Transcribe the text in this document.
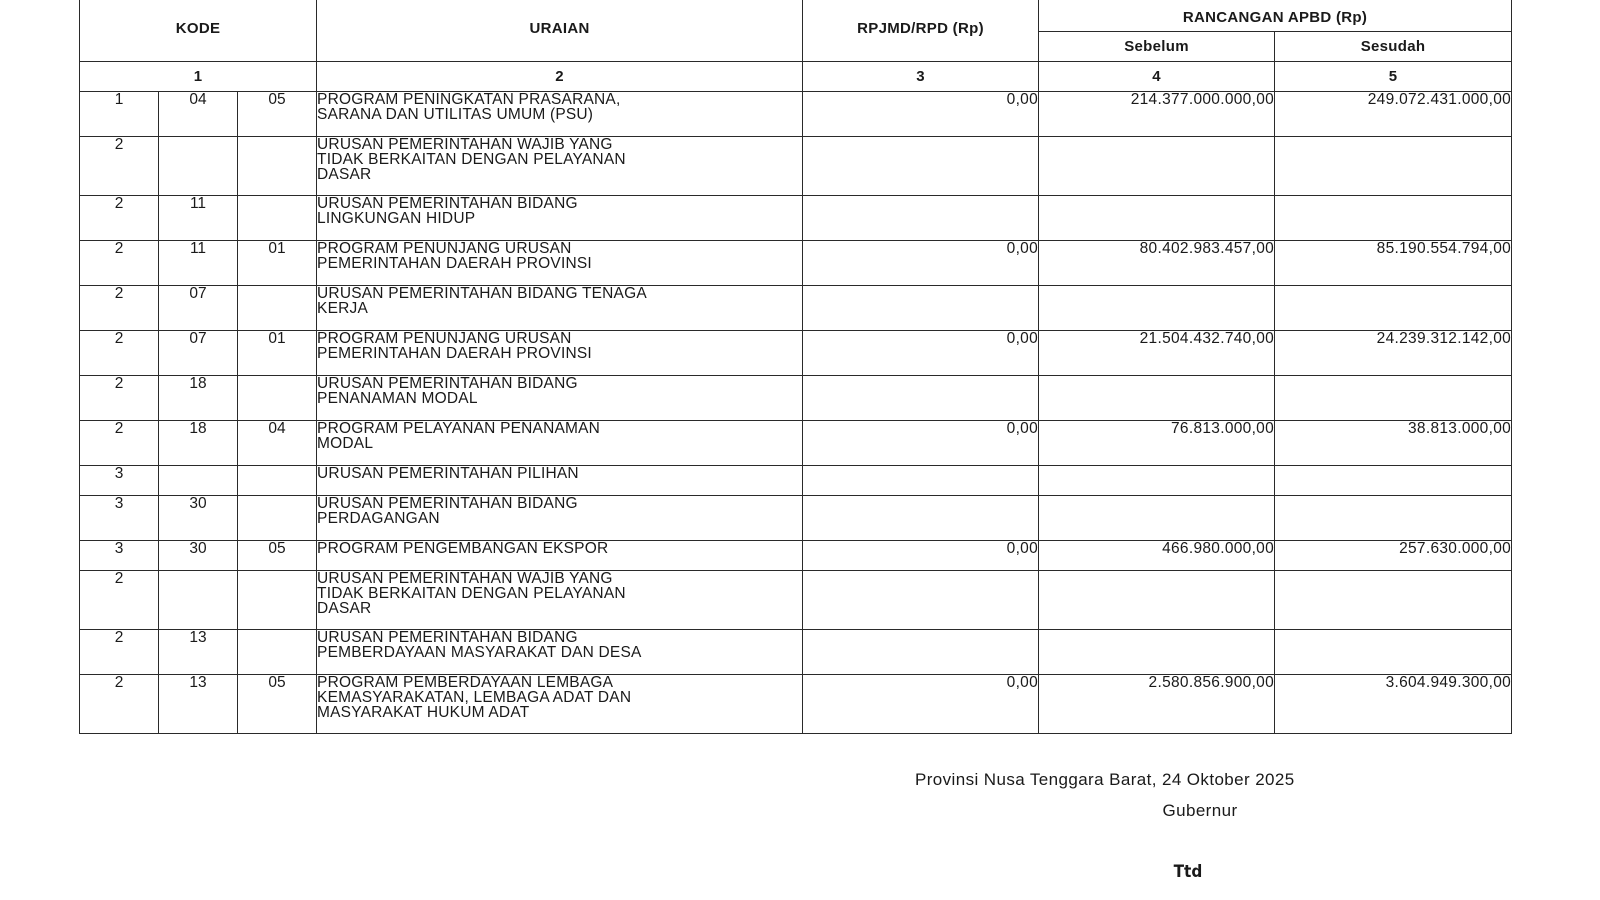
KODE			URAIAN	RPJMD/RPD (Rp)	RANCANGAN APBD (Rp)	
					Sebelum	Sesudah
1			2	3	4	5
1	04	05	PROGRAM PENINGKATAN PRASARANA,
SARANA DAN UTILITAS UMUM (PSU)	0,00	214.377.000.000,00	249.072.431.000,00
2			URUSAN PEMERINTAHAN WAJIB YANG
TIDAK BERKAITAN DENGAN PELAYANAN
DASAR			

2	11		URUSAN PEMERINTAHAN BIDANG
LINGKUNGAN HIDUP			

2	11	01	PROGRAM PENUNJANG URUSAN
PEMERINTAHAN DAERAH PROVINSI	0,00	80.402.983.457,00	85.190.554.794,00
2	07		URUSAN PEMERINTAHAN BIDANG TENAGA
KERJA			

2	07	01	PROGRAM PENUNJANG URUSAN
PEMERINTAHAN DAERAH PROVINSI	0,00	21.504.432.740,00	24.239.312.142,00
2	18		URUSAN PEMERINTAHAN BIDANG
PENANAMAN MODAL			

2	18	04	PROGRAM PELAYANAN PENANAMAN
MODAL	0,00	76.813.000,00	38.813.000,00
3			URUSAN PEMERINTAHAN PILIHAN			

3	30		URUSAN PEMERINTAHAN BIDANG
PERDAGANGAN			

3	30	05	PROGRAM PENGEMBANGAN EKSPOR	0,00	466.980.000,00	257.630.000,00
2			URUSAN PEMERINTAHAN WAJIB YANG
TIDAK BERKAITAN DENGAN PELAYANAN
DASAR			

2	13		URUSAN PEMERINTAHAN BIDANG
PEMBERDAYAAN MASYARAKAT DAN DESA			

2	13	05	PROGRAM PEMBERDAYAAN LEMBAGA
KEMASYARAKATAN, LEMBAGA ADAT DAN
MASYARAKAT HUKUM ADAT	0,00	2.580.856.900,00	3.604.949.300,00
Provinsi Nusa Tenggara Barat, 24 Oktober 2025
Gubernur
Ttd
